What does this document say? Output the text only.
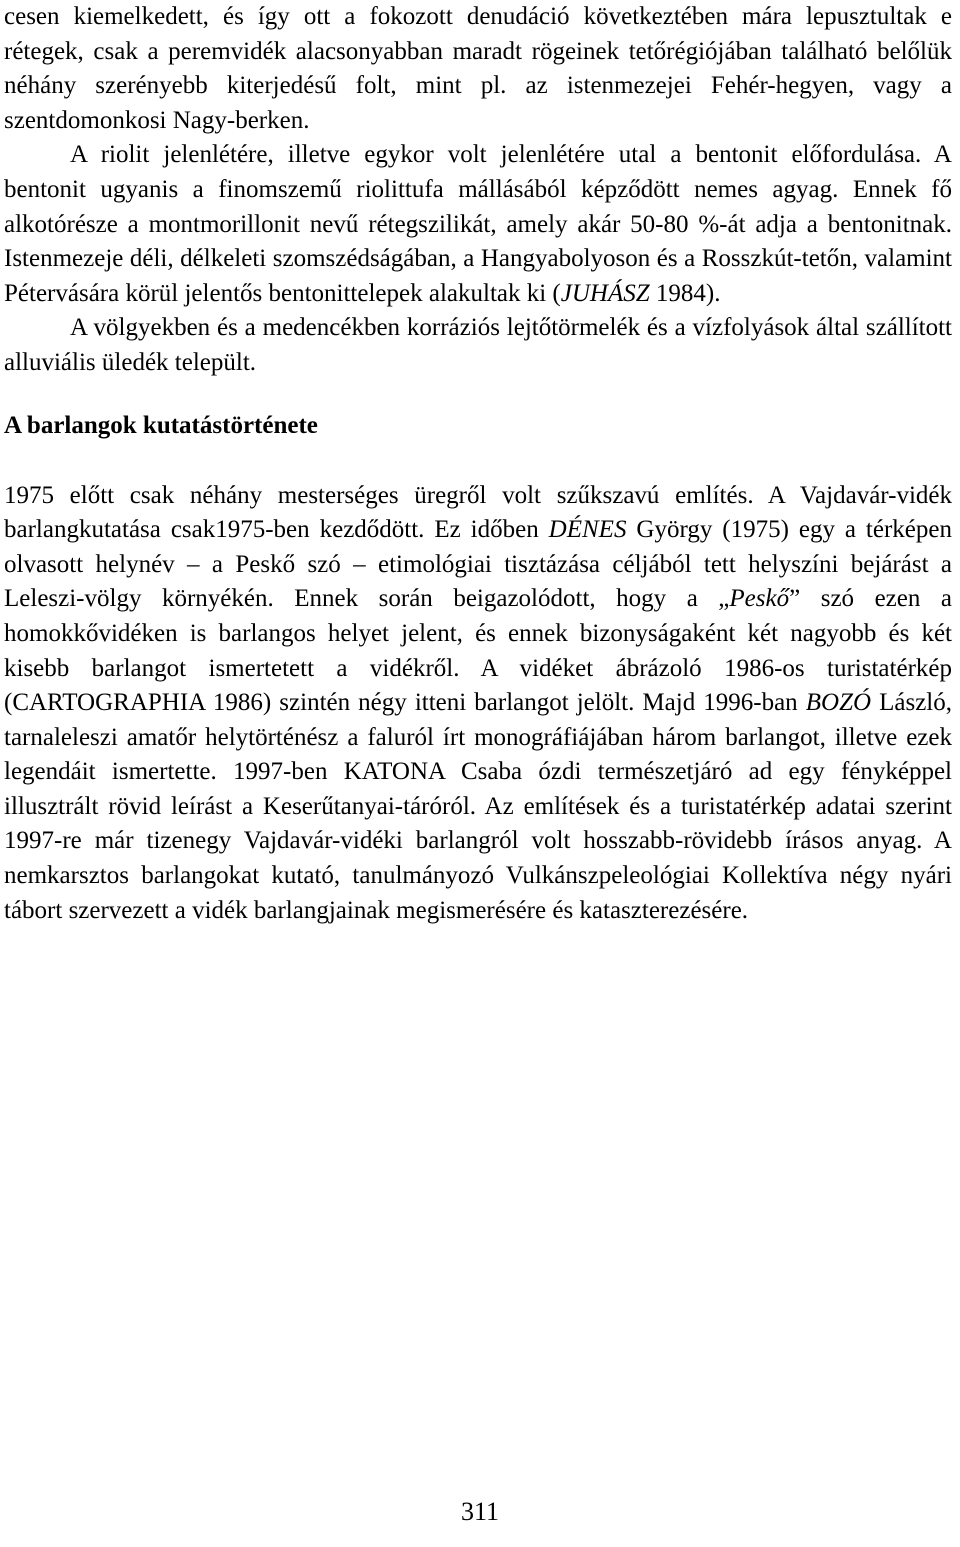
cesen kiemelkedett, és így ott a fokozott denudáció következtében mára lepusztultak e rétegek, csak a peremvidék alacsonyabban maradt rögeinek tetőrégiójában található belőlük néhány szerényebb kiterjedésű folt, mint pl. az istenmezejei Fehér-hegyen, vagy a szentdomonkosi Nagy-berken.

A riolit jelenlétére, illetve egykor volt jelenlétére utal a bentonit előfordulása. A bentonit ugyanis a finomszemű riolittufa mállásából képződött nemes agyag. Ennek fő alkotórésze a montmorillonit nevű rétegszilikát, amely akár 50-80 %-át adja a bentonitnak. Istenmezeje déli, délkeleti szomszédságában, a Hangyabolyoson és a Rosszkút-tetőn, valamint Pétervására körül jelentős bentonittelepek alakultak ki (JUHÁSZ 1984).

A völgyekben és a medencékben korráziós lejtőtörmelék és a vízfolyások által szállított alluviális üledék települt.

A barlangok kutatástörténete

1975 előtt csak néhány mesterséges üregről volt szűkszavú említés. A Vajdavár-vidék barlangkutatása csak1975-ben kezdődött. Ez időben DÉNES György (1975) egy a térképen olvasott helynév – a Peskő szó – etimológiai tisztázása céljából tett helyszíni bejárást a Leleszi-völgy környékén. Ennek során beigazolódott, hogy a „Peskő” szó ezen a homokkővidéken is barlangos helyet jelent, és ennek bizonyságaként két nagyobb és két kisebb barlangot ismertetett a vidékről. A vidéket ábrázoló 1986-os turistatérkép (CARTOGRAPHIA 1986) szintén négy itteni barlangot jelölt. Majd 1996-ban BOZÓ László, tarnaleleszi amatőr helytörténész a faluról írt monográfiájában három barlangot, illetve ezek legendáit ismertette. 1997-ben KATONA Csaba ózdi természetjáró ad egy fényképpel illusztrált rövid leírást a Keserűtanyai-táróról. Az említések és a turistatérkép adatai szerint 1997-re már tizenegy Vajdavár-vidéki barlangról volt hosszabb-rövidebb írásos anyag. A nemkarsztos barlangokat kutató, tanulmányozó Vulkánszpeleológiai Kollektíva négy nyári tábort szervezett a vidék barlangjainak megismerésére és kataszterezésére.

311
